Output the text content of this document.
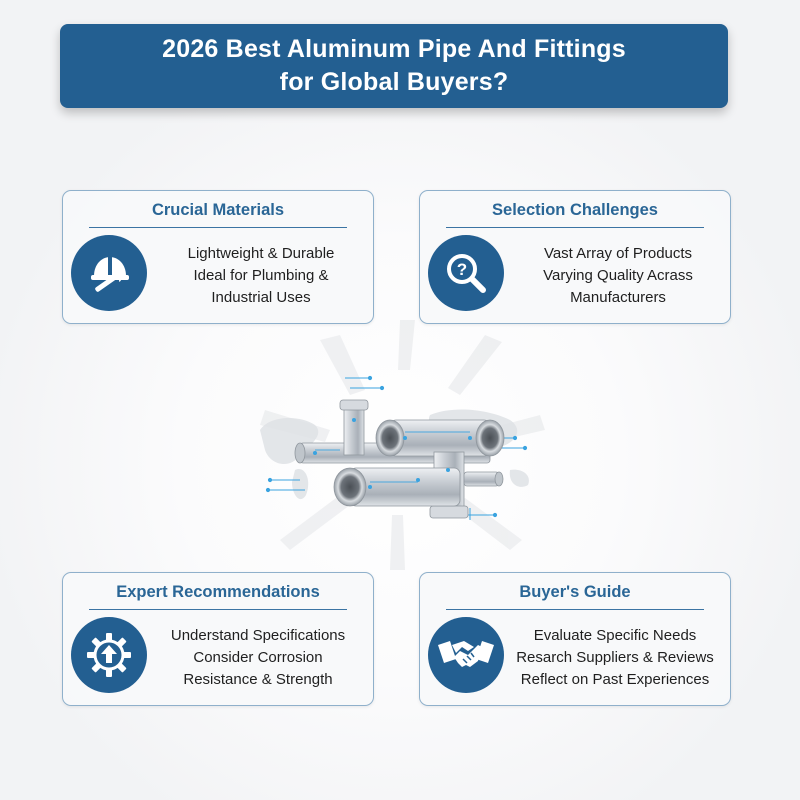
2026 Best Aluminum Pipe And Fittings
for Global Buyers?
Crucial Materials
Lightweight & Durable
Ideal for Plumbing &
Industrial Uses
Selection Challenges
?
Vast Array of Products
Varying Quality Acrass
Manufacturers
Expert Recommendations
Understand Specifications
Consider Corrosion
Resistance & Strength
Buyer's Guide
Evaluate Specific Needs
Resarch Suppliers & Reviews
Reflect on Past Experiences
